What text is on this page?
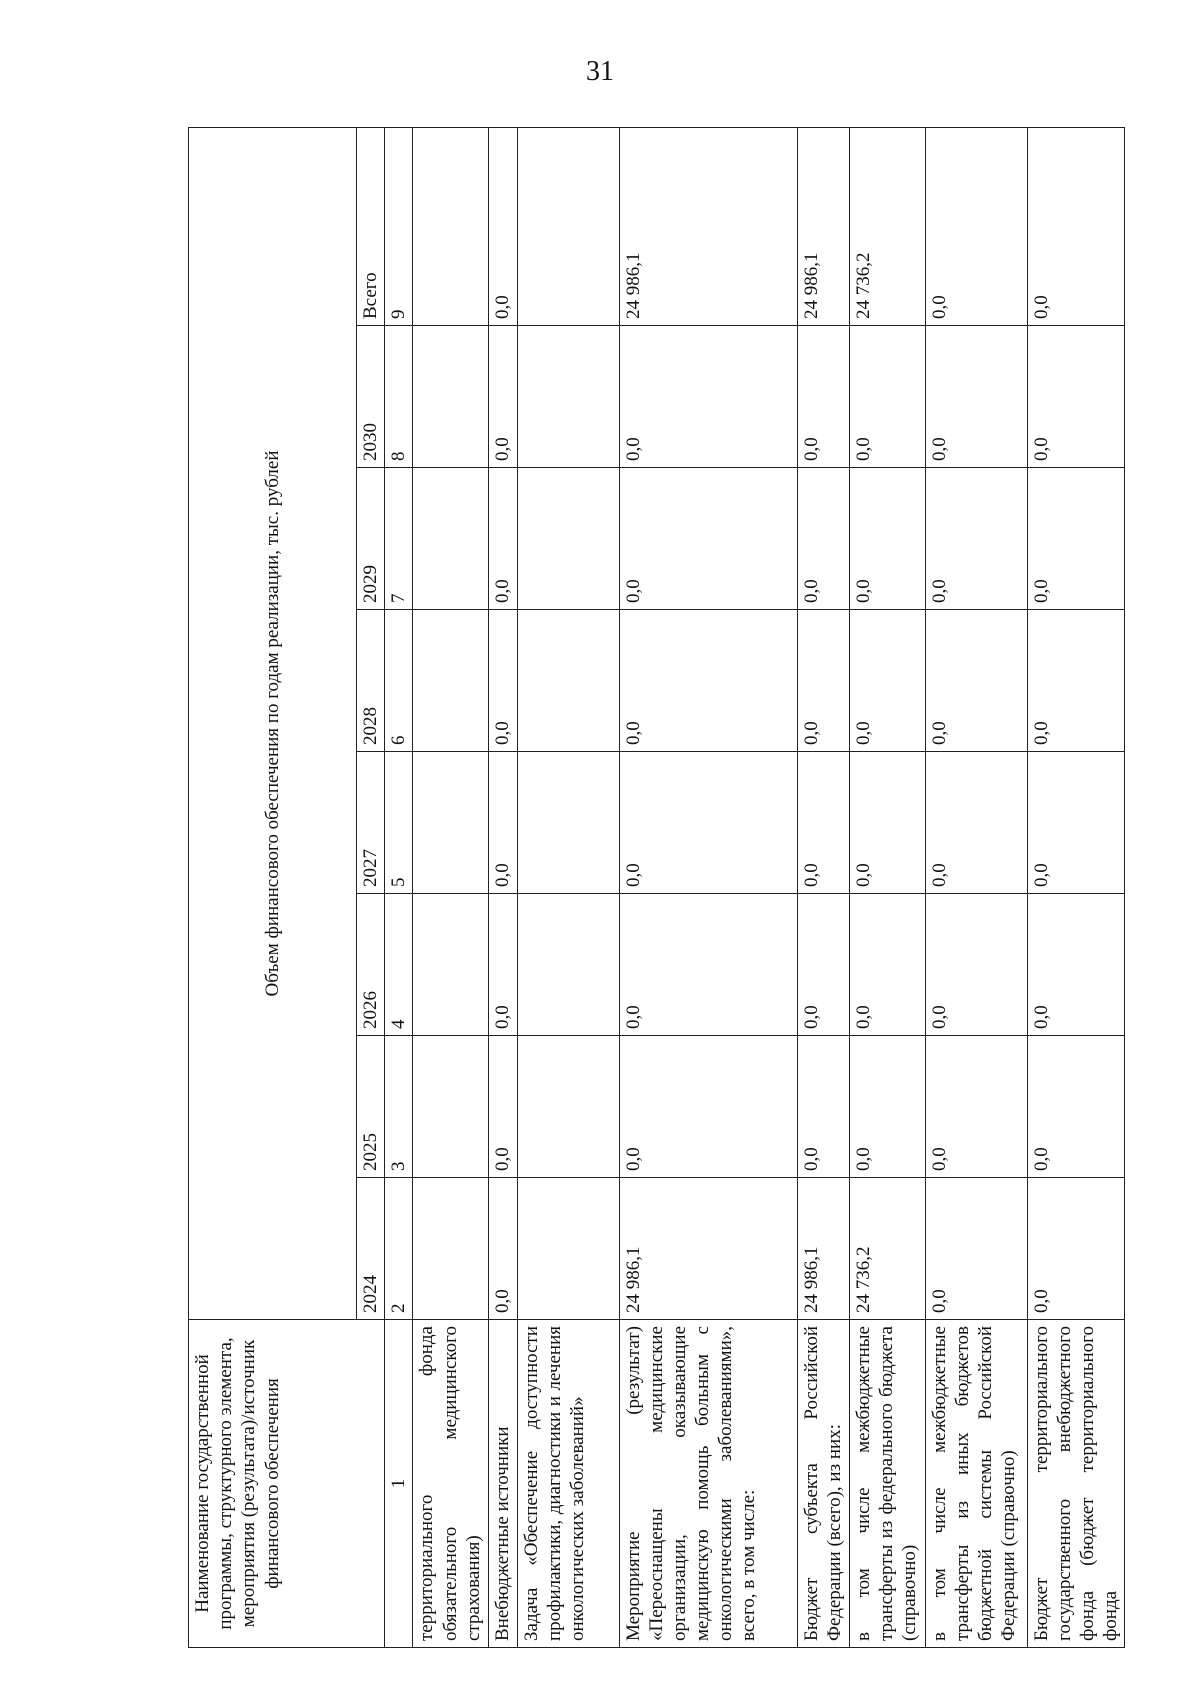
31
Наименование государственной программы, структурного элемента, мероприятия (результата)/источник финансового обеспечения	Объем финансового обеспечения по годам реализации, тыс. рублей							
	2024	2025	2026	2027	2028	2029	2030	Всего
1	2	3	4	5	6	7	8	9
территориального фонда обязательного медицинского страхования)								
Внебюджетные источники	0,0	0,0	0,0	0,0	0,0	0,0	0,0	0,0
Задача «Обеспечение доступности профилактики, диагностики и лечения онкологических заболеваний»								
Мероприятие (результат) «Переоснащены медицинские организации, оказывающие медицинскую помощь больным с онкологическими заболеваниями», всего, в том числе:	24 986,1	0,0	0,0	0,0	0,0	0,0	0,0	24 986,1
Бюджет субъекта Российской Федерации (всего), из них:	24 986,1	0,0	0,0	0,0	0,0	0,0	0,0	24 986,1
в том числе межбюджетные трансферты из федерального бюджета (справочно)	24 736,2	0,0	0,0	0,0	0,0	0,0	0,0	24 736,2
в том числе межбюджетные трансферты из иных бюджетов бюджетной системы Российской Федерации (справочно)	0,0	0,0	0,0	0,0	0,0	0,0	0,0	0,0
Бюджет территориального государственного внебюджетного фонда (бюджет территориального фонда	0,0	0,0	0,0	0,0	0,0	0,0	0,0	0,0
